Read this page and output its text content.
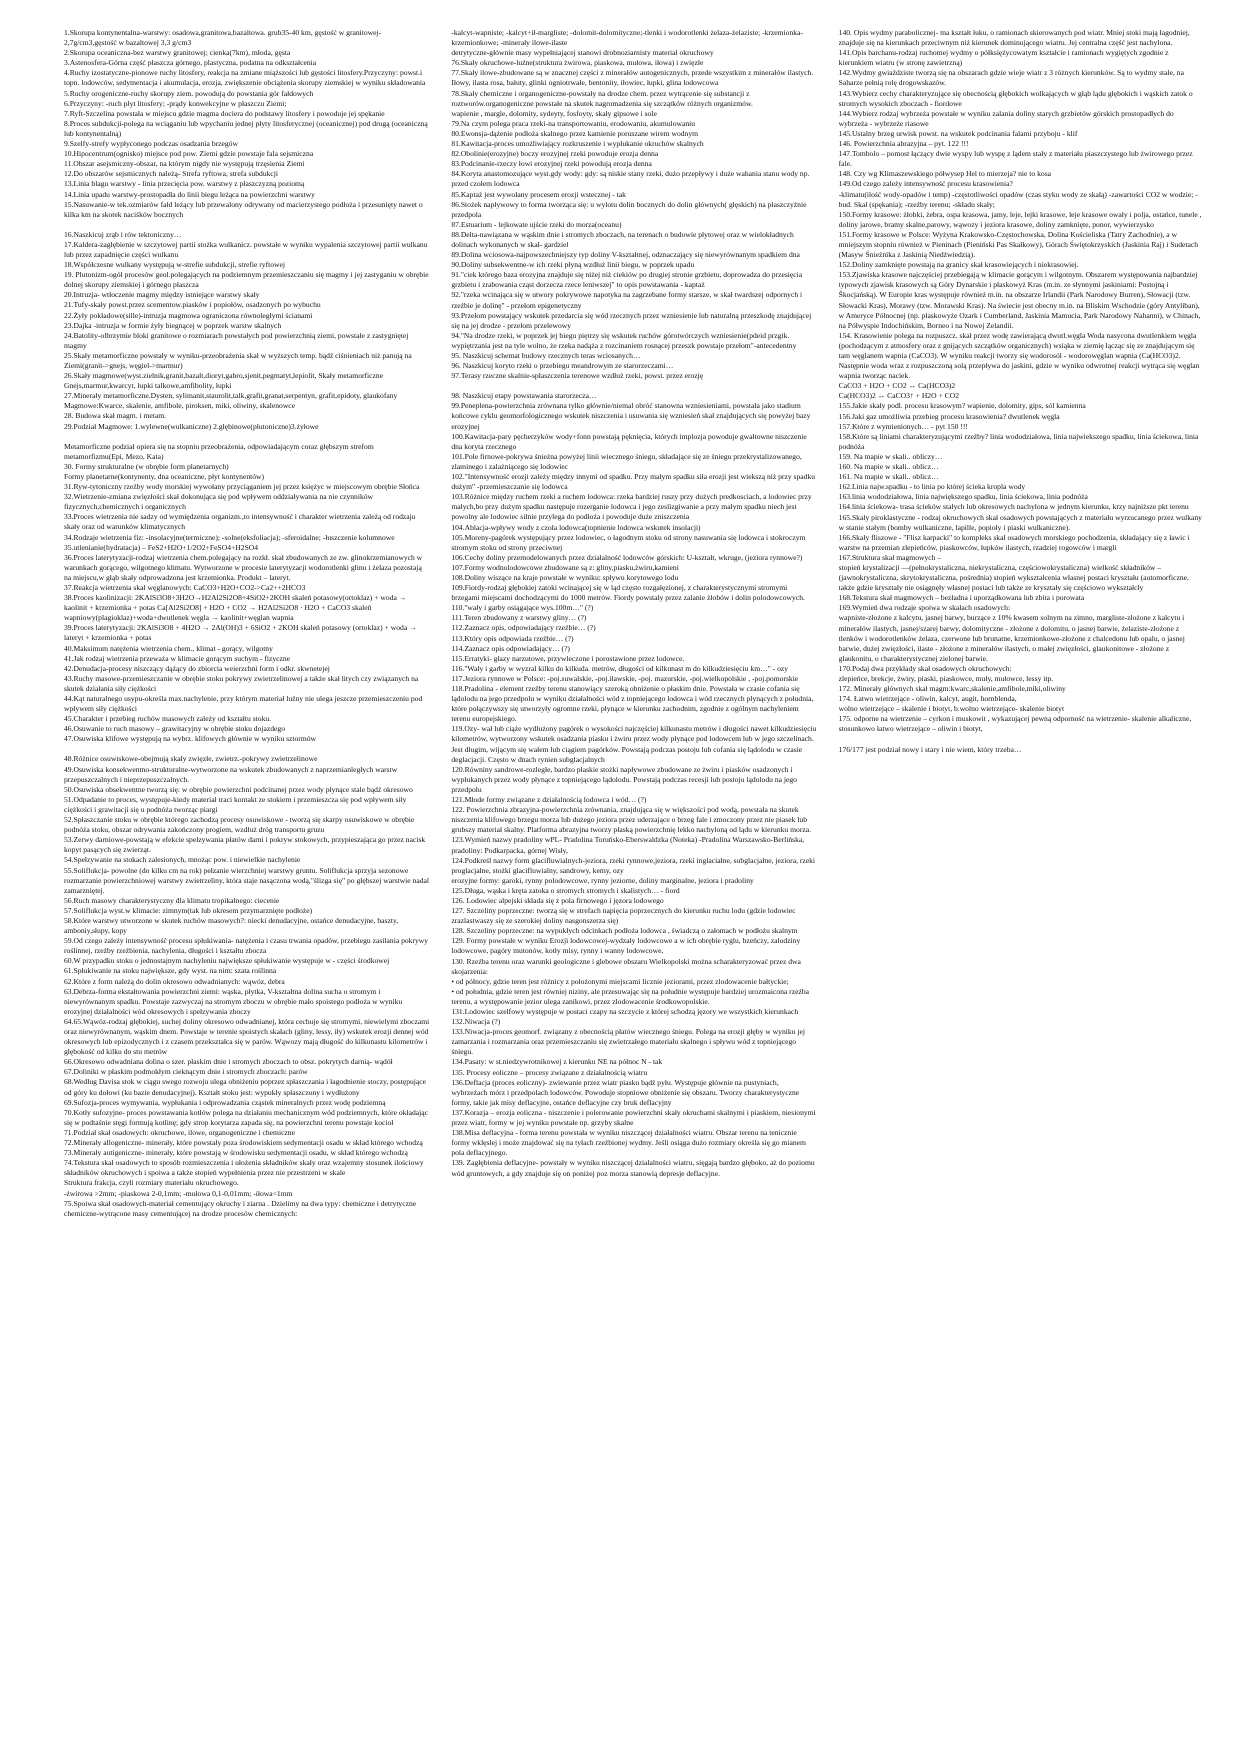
1.Skorupa kontynentalna-warstwy: osadowa,granitowa,bazaltowa. grub35-40 km, gęstość w granitowej-2,7g/cm3,gęstość w bazaltowej 3,3 g/cm3

2.Skorupa oceaniczna-bez warstwy granitowej; cienka(7km), młoda, gęsta

3.Astenosfera-Górna część płaszcza górnego, plastyczna, podatna na odkształcenia

4.Ruchy izostatyczne-pionowe ruchy litosfery, reakcja na zmiane miąższości lub gęstości litosfery.Przyczyny: powst.i topn. lodowców, sedymentacja i akumulacja, erozja, zwiększenie obciążenia skorupy ziemskiej w wyniku składowania

5.Ruchy orogeniczne-ruchy skorupy ziem. powodują do powstania gór fałdowych

6.Przyczyny: -ruch płyt litosfery; -prądy konwekcyjne w płaszczu Ziemi;

7.Ryft-Szczelina powstała w miejscu gdzie magma dociera do podstawy litosfery i powoduje jej spękanie

8.Proces subdukcji-polega na wciąganiu lub wpychaniu jednej płyty litosferycznej (oceanicznej) pod drugą (oceaniczną lub kontynentalną)

9.Szelfy-strefy wypłyconego podczas osadzania brzegów

10.Hipocentrum(ognisko) miejsce pod pow. Ziemi gdzie powstaje fala sejsmiczna

11.Obszar asejsmiczny-obszar, na którym nigdy nie występują trzęsienia Ziemi

12.Do obszarów sejsmicznych należą- Strefa ryftowa, strefa subdukcji

13.Linia blagu warstwy - linia przecięcia pow. warstwy z płaszczyzną poziomą

14.Linia upadu warstwy-prostopadła do linii biegu leżąca na powierzchni warstwy

15.Nasuwanie-w tek.ozmiarów fałd leżący lub przewalony odrywany od macierzystego podłoża i przesunięty nawet o kilka km na skotek naciśków bocznych

16.Naszkicuj zrąb i rów tektoniczny…

17.Kaldera-zagłębienie w szczytowej partii stożka wulkanicz. powstałe w wyniku wypalenia szczytowej partii wulkanu lub przez zapadnięcie części wulkanu

18.Współczesne wulkany występują w-strefie subdukcji, strefie ryftowej

19. Plutonizm-ogół procesów geol.polegających na podziemnym przemieszczaniu się magmy i jej zastyganiu w obrębie dolnej skorupy ziemskiej i górnego płaszcza

20.Intruzja- wtłoczenie magmy między istniejące warstwy skały

21.Tufy-skały powst.przez scementow.piasków i popiołów, osadzonych po wybuchu

22.Żyły pokładowe(sille)-intruzja magmowa ograniczona równoległymi ścianami

23.Dajka -intruzja w formie żyły biegnącej w poprzek warstw skalnych

24.Batolity-olbrzymie bloki granitowe o rozmiarach powstałych pod powierzchnią ziemi, powstałe z zastygniętej magmy

25.Skały metamorficzne powstały w wyniku-przeobrażenia skał w wyższych temp. bądź ciśnieniach niż panują na Ziemi(granit->gnejs, węgiel->marmur)

26.Skały magmowe(wyst.zielnik,granit,bazalt,dioryt,gabro,sjenit,pegmatyt,lepiolit, Skały metamorficzne Gnejs,marmur,kwarcyt, łupki talkowe,amfibolity, łupki

27.Minerały metamorficzne.Dysten, sylimanit,staurolit,talk,grafit,granat,serpentyn, grafit,epidoty, glaukofany Magmowe:Kwarce, skalenie, amfibole, piroksen, miki, oliwiny, skalenowce

28. Budowa skał magm. i metam.

29.Podział Magmowe: 1.wylewne(wulkaniczne) 2.głębinowe(plutoniczne)3.żyłowe

Metamorficzne podział opiera się na stopniu przeobrażenia, odpowiadającym coraz głębszym strefom metamorfizmu(Epi, Mezo, Kata)

30. Formy strukturalne (w obrębie form planetarnych)

Formy planetarne(kontynenty, dna oceaniczne, płyt kontynentów)

31.Ryw-tytoniczny rzeźby wody morskiej wywołany przyciąganiem jej przez księżyc w miejscowym obrębie Słońca

32.Wietrzenie-zmiana zwięzłości skał dokonująca się pod wpływem oddziaływania na nie czynników fizycznych,chemicznych i organicznych

33.Proces wietrzenia nie sadzy od wymiędzenia organizm.,to intensywność i charakter wietrzenia zależą od rodzaju skały oraz od warunków klimatycznych

34.Rodzaje wietrzenia fiz: -insolacyjne(termiczne); -solne(eksfoliacja); -sferoidalne; -łuszczenie kolumnowe

35.utlenianie(hydratacja) – FeS2+H2O+1/2O2+FeSO4+H2SO4

36.Proces laterytyzacji-rodzaj wietrzenia chem.polegający na rozkł. skał zbudowanych ze zw. glinokrzemianowych w warunkach gorącego, wilgotnego klimatu. Wytworzone w procesie laterytyzacji wodorotlenki glinu i żelaza pozostają na miejscu,w głąb skały odprowadzona jest krzemionka. Produkt – lateryt.

37.Reakcja wietrzenia skał węglanowych: CaCO3+H2O+CO2->Ca2++2HCO3

38.Proces kaolinizacji: 2KAlSi3O8+3H2O→H2Al2Si2O8+4SiO2+2KOH skaleń potasowy(ortoklaz) + woda → kaolinit + krzemionka + potas Ca[Al2Si2O8] + H2O + CO2 → H2Al2Si2O8 · H2O + CaCO3 skaleń wapniowy(plagioklaz)+woda+dwutlenek węgla → kaolinit+węglan wapnia

39.Proces laterytyzacji: 2KAlSi3O8 + 4H2O → 2Al(OH)3 + 6SiO2 + 2KOH skaleń potasowy (ortoklaz) + woda → lateryt + krzemionka + potas

40.Maksimum natężenia wietrzenia chem., klimat - gorący, wilgotny

41.Jak rodzaj wietrzenia przeważa w klimacie gorącym suchym - fizyczne

42.Denudacja-procesy niszczący dążący do zbiorcia weierzchni form i odkr. skwnetejej

43.Ruchy masowe-przemieszczanie w obrębie stoku pokrywy zwietrzelinowej a także skał litych czy związanych na skutek działania siły ciężkości

44.Kąt naturalnego usypu-określa max.nachylenie, przy którym materiał luźny nie ulega jeszcze przemieszczeniu pod wpływem siły ciężkości

45.Charakter i przebieg ruchów masowych zależy od kształtu stoku.

46.Osuwanie to ruch masowy – grawitacyjny w obrębie stoku dojazdego

47.Osuwiska klifowe występują na wybrz. klifowych głównie w wyniku sztormów

48.Różnice osuwiskowe-obejmują skały zwięzłe, zwietrz.-pokrywy zwietrzelinowe

49.Osuwiska konsekwentno-strukturalne-wytworzone na wskutek zbudowanych z naprzemianległych warstw przepuszczalnych i nieprzepuszczalnych.

50.Osuwiska obsekwentne tworzą się: w obrębie powierzchni podcinanej przez wody płynące stale bądź okresowo

51.Odpadanie to proces, występuje-kiedy materiał traci kontakt ze stokiem i przemieszcza się pod wpływem siły ciężkości i grawitacji się u podnóża tworząc piargi

52.Spłaszczanie stoku w obrębie którego zachodzą procesy osuwiskowe - tworzą się skarpy osuwiskowe w obrębie podnóża stoku, obszar odrywania zakończony progiem, wzdłuż dróg transportu gruzu

53.Zerwy darniowe-powstają w efekcie spełzywania płatów darni i pokryw stokowych, przypieszająca go przez nacisk kopyt pasących się zwierząt.

54.Spełzywanie na stokach zalesionych, mnożąc pow. i niewielkie nachylenie

55.Soliflukcja- powolne (do kilku cm na rok) pełzanie wierzchniej warstwy gruntu. Soliflukcja sprzyja sezonowe rozmarzanie powierzchniowej warstwy zwietrzeliny, która staje nasączona wodą,"ślizga się" po głębszej warstwie nadal zamarzniętej.

56.Ruch masowy charakterystyczny dla klimatu tropikalnego: ciecenie

57.Soliflukcja wyst.w klimacie: zimnym(tak lub okresem przymarznięte podłoże)

58.Które warstwy utworzone w skutek ruchów masowych?: niecki denudacyjne, ostańce denudacyjne, baszty, amboniy,słupy, kopy

59.Od czego zależy intensywność procesu spłukiwania- natężenia i czasu trwania opadów, przebiegu zasilania pokrywy roślinnej, rzeźby rzeźbienia, nachylenia, długości i kształtu zbocza

60.W przypadku stoku o jednostajnym nachyleniu największe spłukiwanie występuje w - części środkowej

61.Spłukiwanie na stoku największe, gdy wyst. na nim: szata roślinna

62.Które z form należą do dolin okresowo odwadnianych: wąwóz, debra

63.Debrza-forma ekstałtowania powierzchni ziemi: wąska, płytka, V-kształtna dolina sucha o stromym i niewyrównanym spadku. Powstaje zazwyczaj na stromym zboczu w obrębie mało spoistego podłoża w wyniku erozyjnej działalności wód okresowych i spełzywania zboczy

64.65.Wąwóz-rodzaj głębokiej, suchej doliny okresowo odwadnianej, która cechuje się stromymi, niewielymi zboczami oraz niewyrównanym, wąskim dnem. Powstaje w terenie spoistych skałach (gliny, lessy, iły) wskutek erozji dennej wód okresowych lub epizodycznych i z czasem przekształca się w parów. Wąwozy mają długość do kilkunastu kilometrów i głębokość od kilku do stu metrów

66.Okresowo odwadniana dolina o szer. płaskim dnie i stromych zboczach to obsz. pokrytych darnią- wądół

67.Doliniki w płaskim podmokłym cieknącym dnie i stromych zboczach: parów

68.Według Davisa stok w ciągu swego rozwoju ulega obniżeniu poprzez spłaszczania i łagodnienie stoczy, postępujące od góry ku dołowi (ku bazie denudacyjnej). Kształt stoku jest: wypukły spłaszczony i wydłużony

69.Sufozja-proces wymywania, wypłukania i odprowadzania cząstek mineralnych przez wodę podziemną

70.Kotły sufozyjne- proces powstawania kotłów polega na działaniu mechanicznym wód podziemnych, które okładając się w podtaśnie stęgi formują kotlinę; gdy strop korytarza zapada się, na powierzchni terenu powstaje kocioł

71.Podział skał osadowych: okruchowe, ilowe, organogeniczne i chemiczne

72.Minerały allogeniczne- minerały, które powstały poza środowiskiem sedymentacji osadu w skład którego wchodzą

73.Minerały autigeniczne- minerały, które powstają w środowisku sedymentacji osadu, w skład którego wchodzą

74.Tekstura skał osadowych to sposób rozmieszczenia i ułożenia składników skały oraz wzajemny stosunek ilościowy składników okruchowych i spoiwa a także stopień wypełnienia przez nie przestrzeni w skale

Struktura frakcja, czyli rozmiary materiału okruchowego.

-żwirowa >2mm; -piaskowa 2-0,1mm; -mułowa 0,1-0,01mm; -iłowa<1mm

75.Spoiwa skał osadowych-materiał cementujący okruchy i ziarna . Dzielimy na dwa typy: chemiczne i detrytyczne

chemiczne-wytrącone masy cementującej na drodze procesów chemicznych:

-kalcyt-wapniste; -kalcyt+ił-margliste; -dolomit-dolomityczne;-tlenki i wodorotlenki żelaza-żelaziste; -krzemionka-krzemionkowe; -minerały ilowe-ilaste

detrytyczne-głównie masy wypełniającej stanowi drobnoziarnisty materiał okruchowy

76.Skały okruchowe-luźne(struktura żwirowa, piaskowa, mułowa, iłowa) i zwięzłe

77.Skały ilowe-zbudowane są w znacznej części z minerałów autogenicznych, przede wszystkim z minerałów ilastych. Iłowy, ilasta rosa, bałuty, glinki ogniotrwałe, bentonity, iłowiec, łupki, glina lodowcowa

78.Skały chemiczne i organogeniczne-powstały na drodze chem. przez wytrącenie się substancji z roztworów.organogeniczne powstałe na skutek nagromadzenia się szczątków różnych organizmów.

wapienie , margle, dolomity, sydeyty, fosfoyty, skały gipsowe i sole

79.Na czym polega praca rzeki-na transportowaniu, erodowaniu, akumulowaniu

80.Ewonsja-dążenie podłoża skalnego przez kamienie poruszane wirem wodnym

81.Kawitacja-proces umożliwiający rozkruszenie i wypłukanie okruchów skalnych

82.Obolinie(erozyjne) boczy erozyjnej rzeki powoduje erozja denna

83.Podcinanie-rzeczy łowi erozyjnej rzeki powodują erozja denna

84.Koryta anastomozujące wyst.gdy wody: gdy: są niskie stany rzeki, dużo przepływy i duże wahania stanu wody np. przed czołem lodowca

85.Kaptaż jest wywołany procesem erozji wstecznej - tak

86.Stożek napływowy to forma tworząca się: u wylotu dolin bocznych do dolin głównych( głęskich) na płaszczyźnie przedpola

87.Estuarium - lejkowate ujście rzeki do morza(oceanu)

88.Delta-nawiązana w wąskim dnie i stromych zboczach, na terenach o budowie płytowej oraz w wielokładnych dolinach wykonanych w skał- gardziel

89.Dolina wciosowa-najpowszechniejszy typ doliny V-kształtnej, odznaczający się niewyrównanym spadkiem dna

90.Doliny subsekwentne-w ich rzeki płyną wzdłuż linii biegu, w poprzek upadu

91."ciek którego baza erozyjna znajduje się niżej niż ciekiów po drugiej stronie grzbietu, doprowadza do przesięcia grzbietu i zrabowania cząst dorzecza rzece leniwszej" to opis powstawania - kaptaż

92."rzeka wcinająca się w utwory pokrywowe napotyka na zagrzebane formy starsze, w skał twardszej odpornych i rzeźbie je dolinę" - przełom epigenetyczny

93.Przełom powstający wskutek przedarcia się wód rzecznych przez wzniesienie lub naturalną przeszkodę znajdującej się na jej drodze - przełom przelewowy

94."Na drodze rzeki, w poprzek jej biegu piętrzy się wskutek ruchów górotwórczych wzniesienie(pdeid przgik. wypiętrzania jest na tyle wolno, że rzeka nadąża z rozcinaniem rosnącej przeszk powstaje przełom"-antecedentny

95. Naszkicuj schemat budowy rzecznych teras wciosanych…

96. Naszkicuj koryto rzeki o przebiegu meandrowym ze starorzeczami…

97.Terasy rzeczne skalnie-spłaszczenia terenowe wzdłuż rzeki, powst. przez erozję

98. Naszkicuj etapy powstawania starorzecza…

99.Peneplena-powierzchnia zrównana tylko głównie/niemal obróć stanowna wzniesieniami, powstała jako stadium końcowe cyklu geomorfologicznego wskutek niszczenia i usuwania się wzniesień skał znajdujących się powyżej bazy erozyjnej

100.Kawitacja-pary pęcherzyków wody+fonn powstają pęknięcia, których implozja powoduje gwałtowne niszczenie dna koryta rzecznego

101.Pole firnowe-pokrywa śnieżna powyżej linii wiecznego śniegu, składające się ze śniegu przekrystalizowanego, zlaminego i zalażniącego się lodowiec

102."Intensywność erozji zależy między innymi od spadku. Przy małym spadku siła erozji jest wiekszą niż przy spadku dużym" -przemieszczanie się lodowca

103.Różnice między ruchem rzeki a ruchem lodowca: rzeka bardziej ruszy przy dużych predkosciach, a lodowiec przy małych,bo przy dużym spadku następuje rozerganie lodowca i jego zeslizgiwanie a przy małym spadku niech jest powolny ale lodowiec silnie przylega do podłoża i powoduje duże zniszczenia

104.Ablacja-wpływy wody z czoła lodowca(topnienie lodowca wskutek insolacji)

105.Moreny-pagórek występujący przez lodowiec, o łagodnym stoku od strony nasuwania się lodowca i stokroczym stromym stoku od strony przeciwnej

106.Cechy doliny przemodelowanych przez działalność lodowców górskich: U-kształt, wkruge, (jeziora rynnowe?)

107.Formy wodnolodowcowe zbudowane są z: gliny,piasku,żwiru,kamieni

108.Doliny wiszące na kraje powstałe w wyniku: spływu korytowego lodu

109.Fiordy-rodzaj głębokiej zatoki wcinającej się w ląd często rozgałęzionej, z charakterystycznymi stromymi brzegami miejscami dochodzącymi do 1000 metrów. Fiordy powstały przez zalanie żłobów i dolin polodowcowych.

110."wały i garby osiągające wys.100m…" (?)

111.Teren zbudowany z warstwy gliny… (?)

112.Zaznacz opis, odpowiadający rzeźbie… (?)

113.Który opis odpowiada rzeźbie… (?)

114.Zaznacz opis odpowiadający… (?)

115.Erratyki- głazy narzutowe, przywleczone i porostawione przez lodowce.

116."Wały i garby w wyzral kilku do kilkuda. metrów, długości od kilkunast m do kilkudziesięciu km…" - ozy

117.Jeziora rynnowe w Polsce: -poj.suwalskie, -poj.iławskie, -poj. mazurskie, -poj.wielkopolskie , -poj.pomorskie

118.Pradolina - element rzeźby terenu stanowiący szeroką obniżenie o płaskim dnie. Powstała w czasie cofania się lądolodu na jego przedpolu w wyniku działalności wód z topniejącego lodowca i wód rzecznych płynących z południa, które połączywszy się utworzyły ogromne rzeki, płynące w kierunku zachodnim, zgodnie z ogólnym nachyleniem terenu europejskiego.

119.Ozy- wał lub ciąże wydłużony pagórek o wysokości najczęściej kilkunastu metrów i długości nawet kilkudziesięciu kilometrów, wytworzony wskutek osadzania piasku i żwiru przez wody płynące pod lodowcem lub w jego szczelinach. Jest długim, wijącym się wałem lub ciągiem pagórków. Powstają podczas postoju lub cofania się lądolodu w czasie deglacjacji. Często w dnach rynien subglacjalnych

120.Równiny sandrowe-rozległe, bardzo płaskie stożki napływowe zbudowane ze żwiru i piasków osadzonych i wypłukanych przez wody płynące z topniejącego lądolodu. Powstają podczas recesji lub postoju lądolodu na jego przedpolu

121.Młode formy związane z działalnością lodowca i wód… (?)

122. Powierzchnia zbrazyjna-powierzchnia zrównania, znajdująca się w większości pod wodą, powstała na skutek niszczenia klifowego brzegu morza lub dużego jeziora przez uderzające o brzeg fale i zmoczony przez nie piasek lub grubszy materiał skalny. Platforma abrazyjna tworzy płaską powierzchnię lekko nachyloną od lądu w kierunku morza.

123.Wymień nazwy pradoliny wPL- Pradolina Toruńsko-Eberswaldzka (Noteka) -Pradolina Warszawsko-Berlińska, pradoliny: Podkarpacka, górnej Wisły,

124.Podkreśl nazwy form glacifluwialnych-jeziora, rzeki rynnowe,jeziora, rzeki inglaciałne, subglacjałne, jeziora, rzeki proglacjałne, stożki glacifluwialny, sandrowy, kemy, ozy

erozyjne formy: garoki, rynny polodowcowe, rynny jeziorne, doliny marginalne, jeziora i pradoliny

125.Długa, wąska i kręta zatoka o stromych stromych i skalistych… - fiord

126. Lodowiec alpejski składa się z pola firnowego i jęzora lodowego

127. Szczeliny poprzeczne: tworzą się w strefach napięcia poprzecznych do kierunku ruchu lodu (gdzie lodowiec zrazlastwaszy się ze szerokiej doliny nasgonszerza się)

128. Szczeliny poprzeczne: na wypukłych odcinkach podłoża lodowca , świadczą o załomach w podłożu skalnym

129. Formy powstałe w wyniku Erozji lodowcowej-wydzały lodowcowe a w ich obrębie ryglu, bzeńczy, zalodziny lodowcowe, pagóry mutonów, kotły misy, rynny i wanny lodowcowe,

130. Rzeźba terenu oraz warunki geologiczne i glebowe obszaru Wielkopolski można scharakteryzować przez dwa skojarzenia:

• od północy, gdzie teren jest różnicy z położonymi miejscami licznie jeziorami, przez zlodowacenie bałtyckie;

• od południa, gdzie teren jest równiej niziny, ale przesuwając się na południe występuje bardziej urozmaicona rzeźba terenu, a występowanie jezior ulega zanikowi, przez zlodowacenie środkowopolskie.

131.Lodowiec szelfowy występuje w postaci czapy na szczycie z której schodzą jęzory we wszystkich kierunkach

132.Niwacja (?)

133.Niwacja-proces geomorf. związany z obecnością płatów wiecznego śniegu. Polega na erozji głęby w wyniku jej zamarzania i rozmarzania oraz przemieszczaniu się zwietrzałego materiału skalnego i spływu wód z topniejącego śniegu.

134.Pasaty: w st.niedzywrotnikowej z kierunku NE na północ N - tak

135. Procesy eoliczne – procesy związane z działalnością wiatru

136.Deflacja (proces eoliczny)- zwiewanie przez wiatr piasku bądź pyłu. Występuje głównie na pustyniach, wybrzeżach mórz i przedpolach lodowców. Powoduje stopniowe obniżenie się obszaru. Tworzy charakterystyczne formy, takie jak misy deflacyjne, ostańce deflacyjne czy bruk deflacyjny

137.Korazja – erozja eoliczna - niszczenie i polerowanie powierzchni skały okruchami skalnymi i piaskiem, niesionymi przez wiatr, formy w jej wyniku powstałe np. grzyby skalne

138.Misa deflacyjna - forma terenu powstała w wyniku niszczącej działalności wiatru. Obszar terenu na tenicznie formy wklęsłej i może znajdować się na tyłach rzeźbionej wydmy. Jeśli osiąga dużo rozmiary określa się go mianem pola deflacyjnego.

139. Zagłębienia deflacyjne- powstały w wyniku niszczącej działalności wiatru, sięgają bardzo głęboko, aż do poziomu wód gruntowych, a gdy znajduje się on poniżej poz morza stanowią depresje deflacyjne.

140. Opis wydmy parabolicznej- ma kształt łuku, o ramionach skierowanych pod wiatr. Mniej stoki mają łagodniej, znajduje się na kierunkach przeciwnym niż kierunek dominującego wiatru. Jej centralna część jest nachylona.

141.Opis barchanu-rodzaj ruchomej wydmy o półksiężycowatym kształcie i ramionach wygiętych zgodnie z kierunkiem wiatru (w stronę zawietrzną)

142.Wydmy gwiaździste tworzą się na obszarach gdzie wieje wiatr z 3 różnych kierunków. Są to wydmy stałe, na Saharze pełnią rolę drogowskazów.

143.Wybierz cechy charakteryzujące się obecnością głębokich wolkających w głąb lądu głębokich i wąskich zatok o stromych wysokich zboczach - fiordowe

144.Wybierz rodzaj wybrzeża powstałe w wyniku zalania doliny starych grzbietów górskich prostopadłych do wybrzeża - wybrzeże riasowe

145.Ustalny brzeg urwisk powst. na wskutek podcinania falami przyboju - klif

146. Powierzchnia abrazyjna – pyt. 122 !!!

147.Tombolo – pomost łączący dwie wyspy lub wyspę z lądem stały z materiału piaszczystego lub żwirowego przez fale.

148. Czy wg Klimaszewskiego półwysep Hel to mierzeja? nie to kosa

149.Od czego zależy intensywność procesu krasowienia?

-klimatu(ilość wody-opadów i temp) -częstotliwości opadów (czas styku wody ze skałą) -zawartości CO2 w wodzie; -bud. Skał (spękania); -rzeźby terenu; -składu skały;

150.Formy krasowe: żłobki, żebra, ospa krasowa, jamy, leje, lejki krasowe, leje krasowe owały i polja, ostańce, tunele , doliny jarowe, bramy skalne,parowy, wąwozy i jeziora krasowe, doliny zamknięte, ponor, wywierzysko

151.Formy krasowe w Polsce: Wyżyna Krakowsko-Częstochowska, Dolina Kościeliska (Tatry Zachodnie), a w mniejszym stopniu również w Pieninach (Pieniński Pas Skałkowy), Górach Świętokrzyskich (Jaskinia Raj) i Sudetach (Masyw Śnieżnika z Jaskinią Niedźwiedzią).

152.Doliny zamknięte powstają na granicy skał krasowiejących i niekrasowiej.

153.Zjawiska krasowe najczęściej przebiegają w klimacie gorącym i wilgotnym. Obszarem występowania najbardziej typowych zjawisk krasowych są Góry Dynarskie i płaskowyż Kras (m.in. ze słynnymi jaskiniami: Postojną i Škocjańską). W Europie kras występuje również m.in. na obszarze Irlandii (Park Narodowy Burren), Słowacji (tzw. Słowacki Kras), Morawy (tzw. Morawski Kras). Na świecie jest obecny m.in. na Bliskim Wschodzie (góry Antyliban), w Ameryce Północnej (np. płaskowyże Ozark i Cumberland, Jaskinia Mamucia, Park Narodowy Nahanni), w Chinach, na Półwyspie Indochińskim, Borneo i na Nowej Zelandii.

154. Krasowienie polega na rozpuszcz. skał przez wodę zawierającą dwutl.węgla Woda nasycona dwutlenkiem węgla (pochodzącym z atmosfery oraz z gnijących szczątków organicznych) wsiąka w ziemię łącząc się ze znajdującym się tam węglanem wapnia (CaCO3). W wyniku reakcji tworzy się wodorosól - wodorowęglan wapnia (Ca(HCO3)2. Następnie woda wraz z rozpuszczoną solą przepływa do jaskini, gdzie w wyniku odwrotnej reakcji wytrąca się węglan wapnia tworząc naciek.

CaCO3 + H2O + CO2 ↔ Ca(HCO3)2

Ca(HCO3)2 ↔ CaCO3↑ + H2O + CO2

155.Jakie skały podl. procesu krasowym? wapienie, dolomity, gips, sól kamienna

156.Jaki gaz umożliwia przebieg procesu krasowienia? dwutlenek węgla

157.Które z wymienionych… - pyt 150 !!!

158.Które są liniami charakteryzującymi rzeźby? linia wododziałowa, linia najwiekszego spadku, linia ściekowa, linia podnóża

159. Na mapie w skali.. obliczy…

160. Na mapie w skali.. oblicz…

161. Na mapie w skali.. oblicz…

162.Linia najw.spadku - to linia po której ścieka kropla wody

163.linia wododziałowa, linia największego spadku, linia ściekowa, linia podnóża

164.linia ściekowa- trasa ścieków stałych lub okresowych nachylona w jednym kierunku, krzy najniższe pkt terenu

165.Skały piroklastyczne - rodzaj okruchowych skał osadowych powstających z materiału wyrzucanego przez wulkany w stanie stałym (bomby wulkaniczne, lapille, popioły i piaski wulkaniczne).

166.Skały fliszowe - "Flisz karpacki" to kompleks skał osadowych morskiego pochodzenia, składający się z ławic i warstw na przemian zlepieńców, piaskowców, łupków ilastych, rzadziej rogowców i margli

167.Struktura skał magmowych –

stopień krystalizacji —(pełnokrystaliczna, niekrystaliczna, częściowokrystaliczna) wielkość składników – (jawnokrystaliczna, skrytokrystaliczna, pośrednia) stopień wykształcenia własnej postaci kryształu (automorficzne, także gdzie kryształy nie osiągnęły własnej postaci lub także ze kryształy się częściowo wykształcły

168.Tekstura skał magmowych – bezładna i uporządkowana lub zbita i porowata

169.Wymień dwa rodzaje spoiwa w skałach osadowych:

wapniste-złożone z kalcytu, jasnej barwy, burzące z 10% kwasem solnym na zimno, margliste-złożone z kalcytu i minerałów ilastych, jasnej/szarej barwy, dolomityczne - złożone z dolomitu, o jasnej barwie, żelaziste-złożone z tlenków i wodorotlenków żelaza, czerwone lub brunatne, krzemionkowe-złożone z chalcedonu lub opalu, o jasnej barwie, dużej zwięzłości, ilaste - złożone z minerałów ilastych, o małej zwięzłości, glaukonitowe - złożone z glaukonitu, o charakterystycznej zielonej barwie.

170.Podaj dwa przykłady skał osadowych okruchowych:

zlepieńce, brekcje, żwiry, piaski, piaskowce, muły, mułowce, lessy itp.

172. Minerały głównych skał magm:kwarc,skalenie,amfibole,miki,oliwiny

174. Łatwo wietrzejące - oliwin, kalcyt, augit, hornblenda,

wolno wietrzejące – skalenie i biotyt, b.wolno wietrzejące- skalenie biotyt

175. odporne na wietrzenie – cyrkon i muskowit , wykazującej pewną odporność na wietrzenie- skalenie alkaliczne, stosunkowo łatwo wietrzejące – oliwin i biotyt,

176/177 jest podział nowy i stary i nie wiem, który trzeba…
